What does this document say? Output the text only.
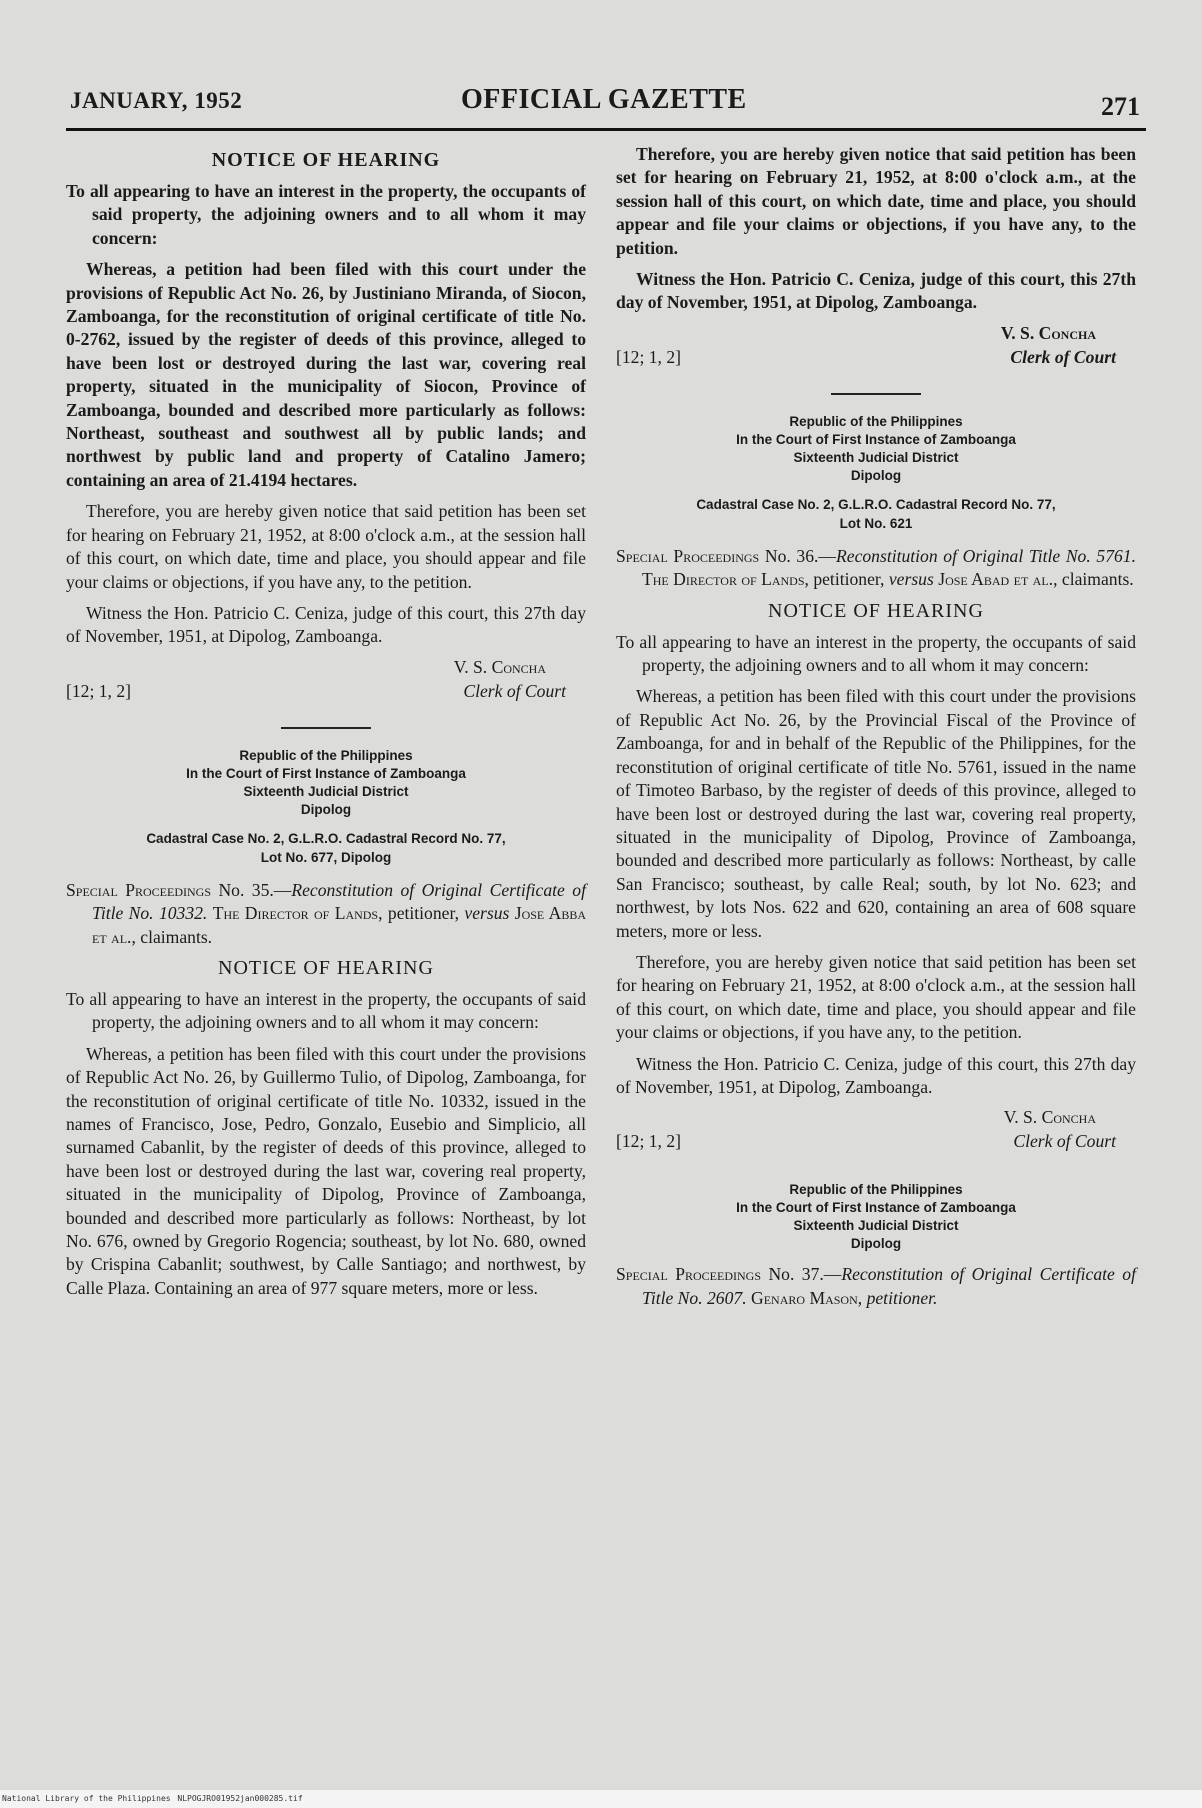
JANUARY, 1952	OFFICIAL GAZETTE	271
NOTICE OF HEARING
To all appearing to have an interest in the property, the occupants of said property, the adjoining owners and to all whom it may concern:

Whereas, a petition had been filed with this court under the provisions of Republic Act No. 26, by Justiniano Miranda, of Siocon, Zamboanga, for the reconstitution of original certificate of title No. 0-2762, issued by the register of deeds of this province, alleged to have been lost or destroyed during the last war, covering real property, situated in the municipality of Siocon, Province of Zamboanga, bounded and described more particularly as follows: Northeast, southeast and southwest all by public lands; and northwest by public land and property of Catalino Jamero; containing an area of 21.4194 hectares.

Therefore, you are hereby given notice that said petition has been set for hearing on February 21, 1952, at 8:00 o'clock a.m., at the session hall of this court, on which date, time and place, you should appear and file your claims or objections, if you have any, to the petition.

Witness the Hon. Patricio C. Ceniza, judge of this court, this 27th day of November, 1951, at Dipolog, Zamboanga.

[12; 1, 2]
V. S. Concha
Clerk of Court
Republic of the Philippines
In the Court of First Instance of Zamboanga
Sixteenth Judicial District
Dipolog
Cadastral Case No. 2, G.L.R.O. Cadastral Record No. 77,
Lot No. 677, Dipolog
Special Proceedings No. 35.—Reconstitution of Original Certificate of Title No. 10332. The Director of Lands, petitioner, versus Jose Abba et al., claimants.
NOTICE OF HEARING
To all appearing to have an interest in the property, the occupants of said property, the adjoining owners and to all whom it may concern:

Whereas, a petition has been filed with this court under the provisions of Republic Act No. 26, by Guillermo Tulio, of Dipolog, Zamboanga, for the reconstitution of original certificate of title No. 10332, issued in the names of Francisco, Jose, Pedro, Gonzalo, Eusebio and Simplicio, all surnamed Cabanlit, by the register of deeds of this province, alleged to have been lost or destroyed during the last war, covering real property, situated in the municipality of Dipolog, Province of Zamboanga, bounded and described more particularly as follows: Northeast, by lot No. 676, owned by Gregorio Rogencia; southeast, by lot No. 680, owned by Crispina Cabanlit; southwest, by Calle Santiago; and northwest, by Calle Plaza. Containing an area of 977 square meters, more or less.

Therefore, you are hereby given notice that said petition has been set for hearing on February 21, 1952, at 8:00 o'clock a.m., at the session hall of this court, on which date, time and place, you should appear and file your claims or objections, if you have any, to the petition.

Witness the Hon. Patricio C. Ceniza, judge of this court, this 27th day of November, 1951, at Dipolog, Zamboanga.

[12; 1, 2]
V. S. Concha
Clerk of Court
Republic of the Philippines
In the Court of First Instance of Zamboanga
Sixteenth Judicial District
Dipolog
Cadastral Case No. 2, G.L.R.O. Cadastral Record No. 77,
Lot No. 621
Special Proceedings No. 36.—Reconstitution of Original Title No. 5761. The Director of Lands, petitioner, versus Jose Abad et al., claimants.
NOTICE OF HEARING
To all appearing to have an interest in the property, the occupants of said property, the adjoining owners and to all whom it may concern:

Whereas, a petition has been filed with this court under the provisions of Republic Act No. 26, by the Provincial Fiscal of the Province of Zamboanga, for and in behalf of the Republic of the Philippines, for the reconstitution of original certificate of title No. 5761, issued in the name of Timoteo Barbaso, by the register of deeds of this province, alleged to have been lost or destroyed during the last war, covering real property, situated in the municipality of Dipolog, Province of Zamboanga, bounded and described more particularly as follows: Northeast, by calle San Francisco; southeast, by calle Real; south, by lot No. 623; and northwest, by lots Nos. 622 and 620, containing an area of 608 square meters, more or less.

Therefore, you are hereby given notice that said petition has been set for hearing on February 21, 1952, at 8:00 o'clock a.m., at the session hall of this court, on which date, time and place, you should appear and file your claims or objections, if you have any, to the petition.

Witness the Hon. Patricio C. Ceniza, judge of this court, this 27th day of November, 1951, at Dipolog, Zamboanga.

[12; 1, 2]
V. S. Concha
Clerk of Court
Republic of the Philippines
In the Court of First Instance of Zamboanga
Sixteenth Judicial District
Dipolog
Special Proceedings No. 37.—Reconstitution of Original Certificate of Title No. 2607. Genaro Mason, petitioner.
National Library of the Philippines NLPOGJRO01952jan000285.tif
